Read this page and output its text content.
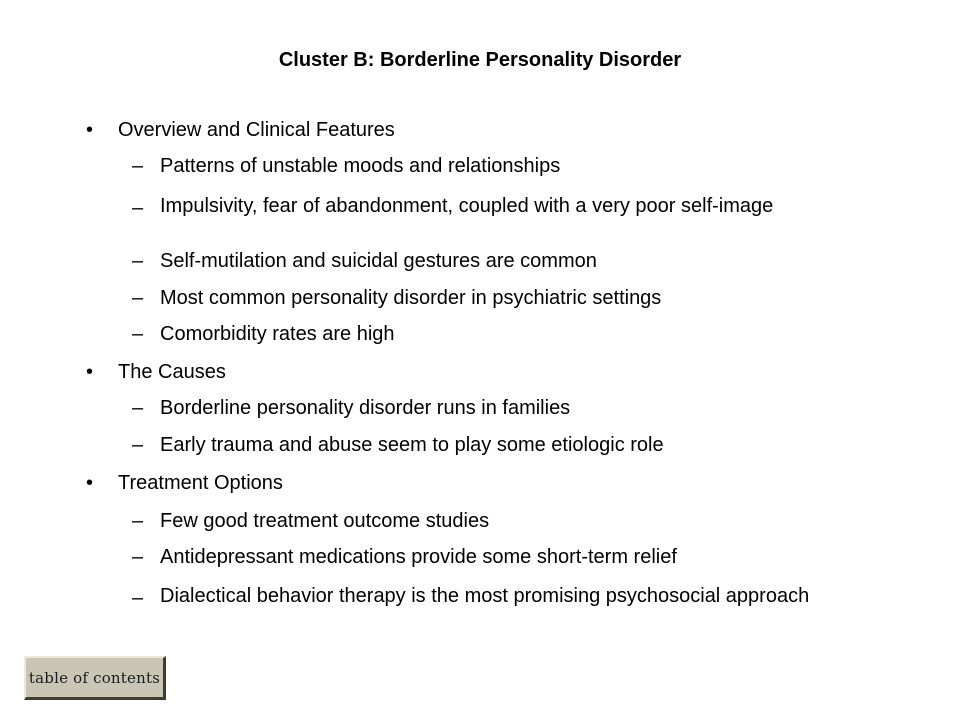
Cluster B: Borderline Personality Disorder
• Overview and Clinical Features
– Patterns of unstable moods and relationships
– Impulsivity, fear of abandonment, coupled with a very poor self-image
– Self-mutilation and suicidal gestures are common
– Most common personality disorder in psychiatric settings
– Comorbidity rates are high
• The Causes
– Borderline personality disorder runs in families
– Early trauma and abuse seem to play some etiologic role
• Treatment Options
– Few good treatment outcome studies
– Antidepressant medications provide some short-term relief
– Dialectical behavior therapy is the most promising psychosocial approach
table of contents
